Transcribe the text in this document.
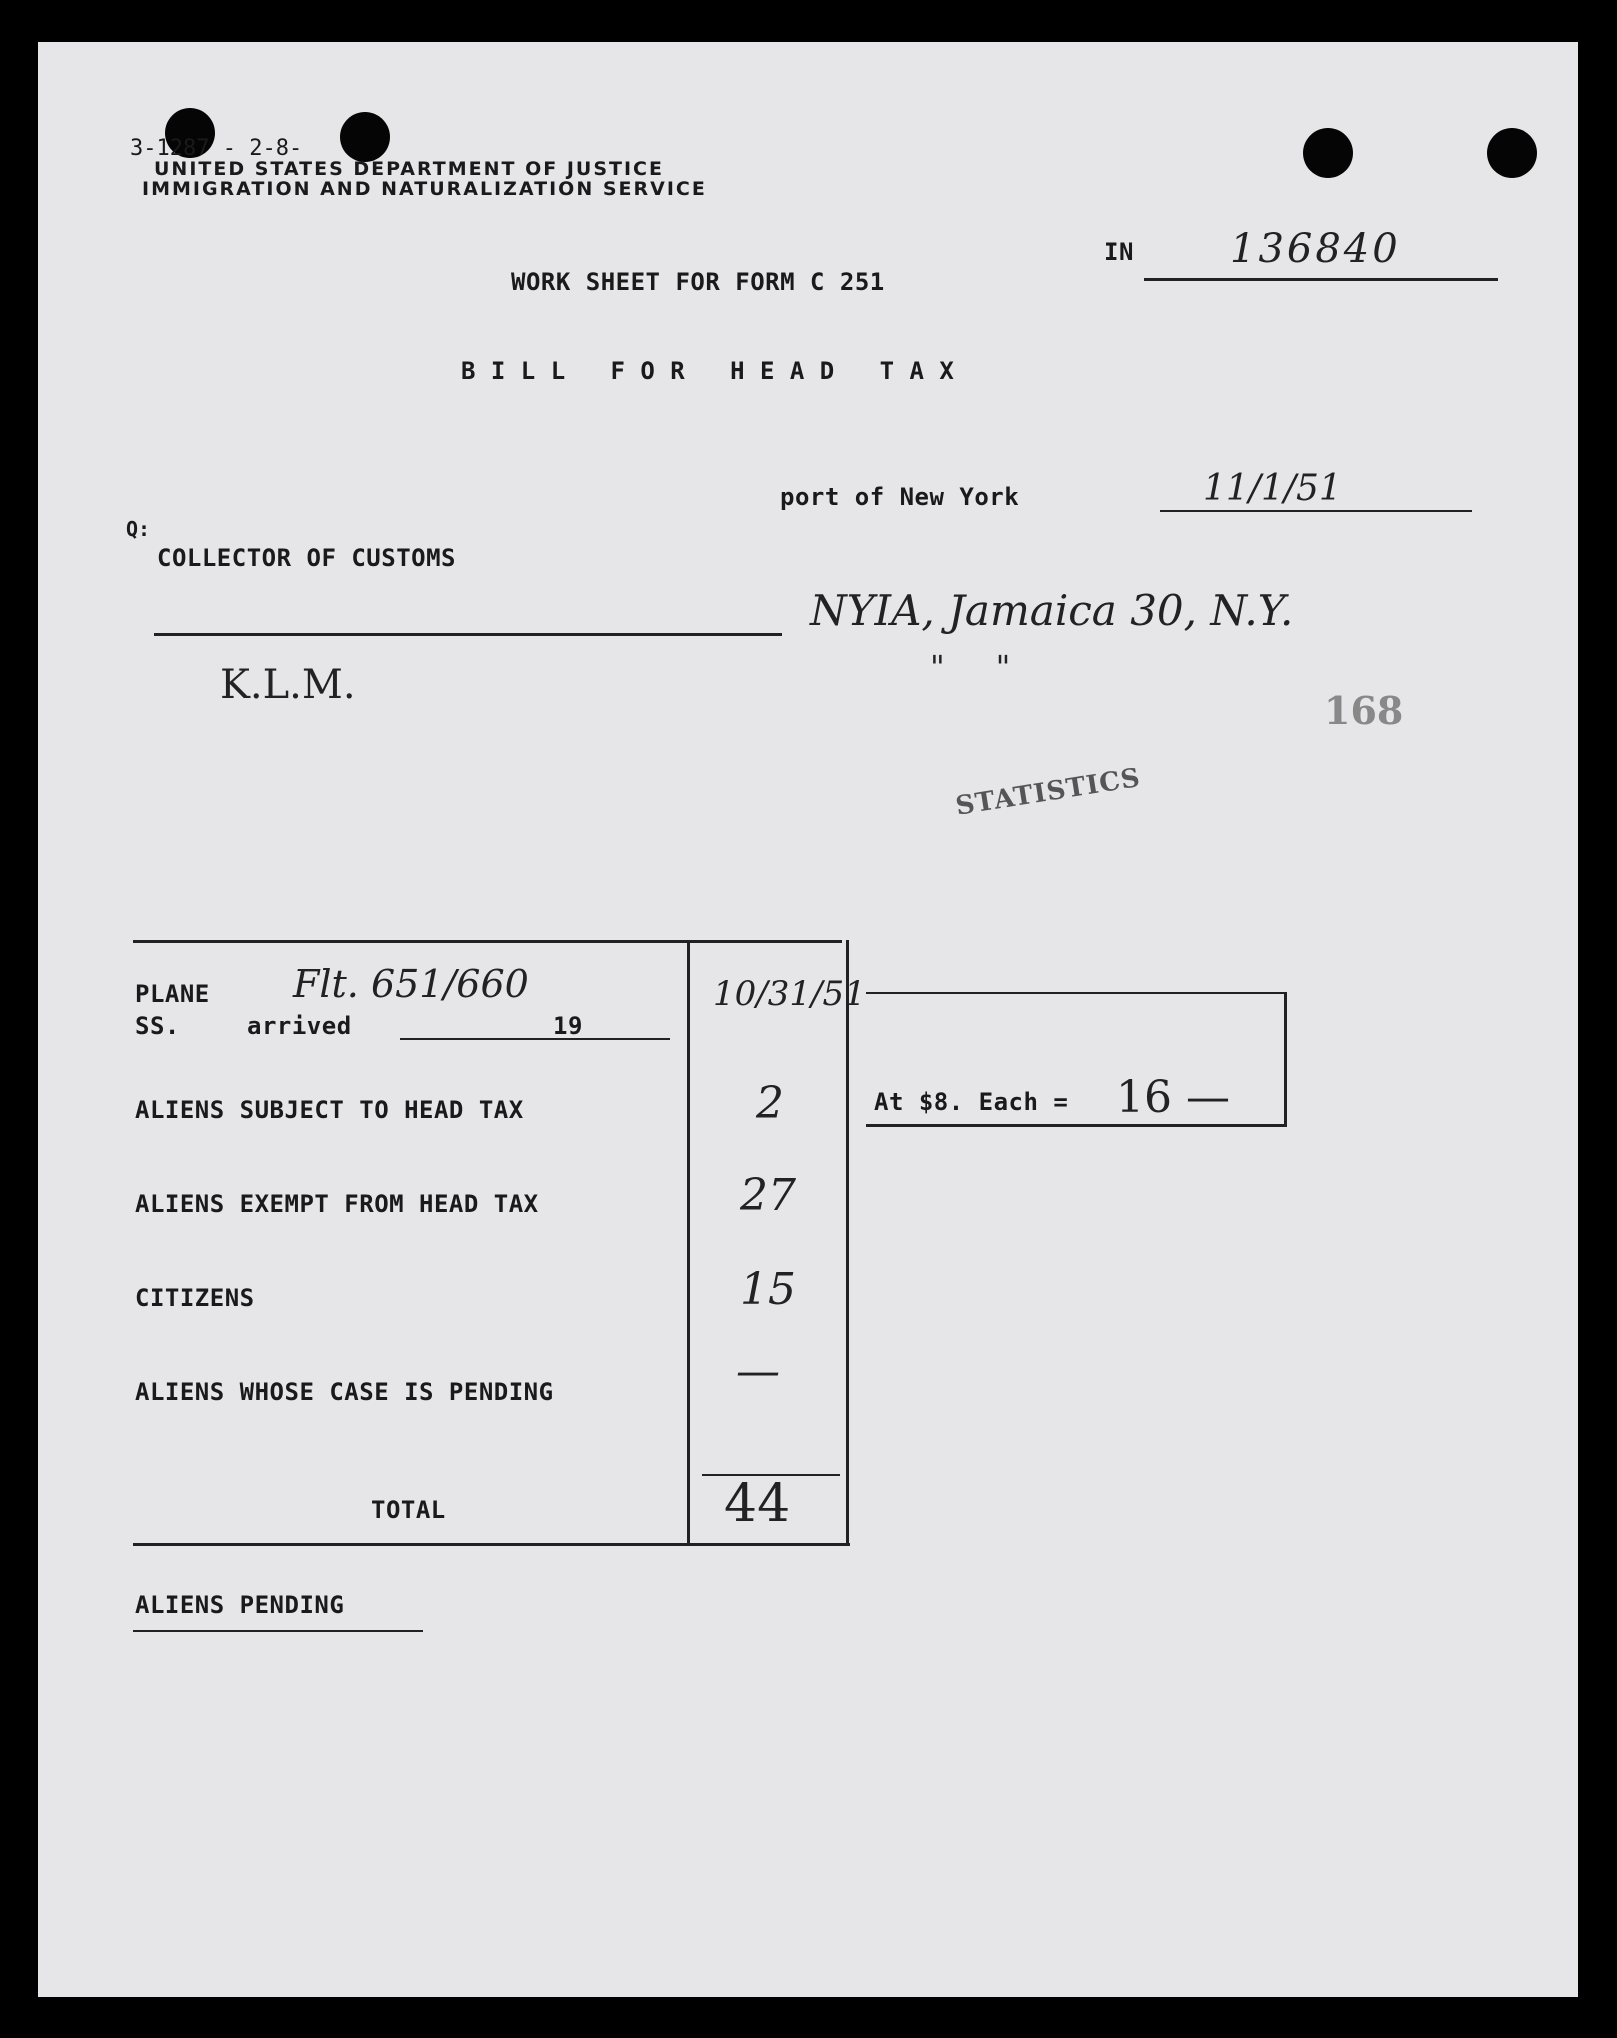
3-1287 - 2-8-
UNITED STATES DEPARTMENT OF JUSTICE
IMMIGRATION AND NATURALIZATION SERVICE
IN 136840
WORK SHEET FOR FORM C 251
B I L L   F O R   H E A D   T A X
port of New York	11/1/51
Q:
COLLECTOR OF CUSTOMS
NYIA, Jamaica 30, N.Y.
"     "
K.L.M.
168
STATISTICS
PLANE Flt. 651/660
SS.	arrived	19
10/31/51
ALIENS SUBJECT TO HEAD TAX	2
ALIENS EXEMPT FROM HEAD TAX	27
CITIZENS	15
ALIENS WHOSE CASE IS PENDING	—
TOTAL	44
At $8. Each = 16 —
ALIENS PENDING
